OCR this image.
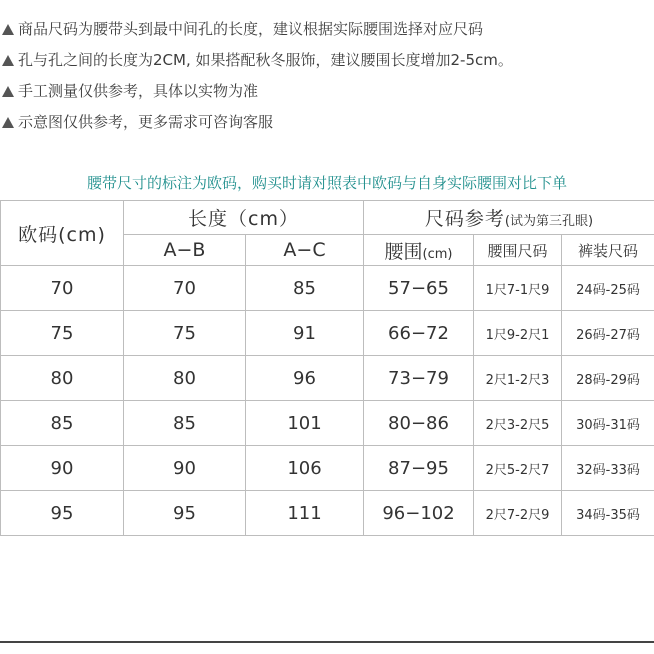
商品尺码为腰带头到最中间孔的长度，建议根据实际腰围选择对应尺码
孔与孔之间的长度为2CM, 如果搭配秋冬服饰，建议腰围长度增加2-5cm。
手工测量仅供参考，具体以实物为准
示意图仅供参考，更多需求可咨询客服
腰带尺寸的标注为欧码，购买时请对照表中欧码与自身实际腰围对比下单
欧码(cm)	长度（cm）		尺码参考(试为第三孔眼)		
	A−B	A−C	腰围(cm)	腰围尺码	裤装尺码
70	70	85	57−65	1尺7-1尺9	24码-25码
75	75	91	66−72	1尺9-2尺1	26码-27码
80	80	96	73−79	2尺1-2尺3	28码-29码
85	85	101	80−86	2尺3-2尺5	30码-31码
90	90	106	87−95	2尺5-2尺7	32码-33码
95	95	111	96−102	2尺7-2尺9	34码-35码
